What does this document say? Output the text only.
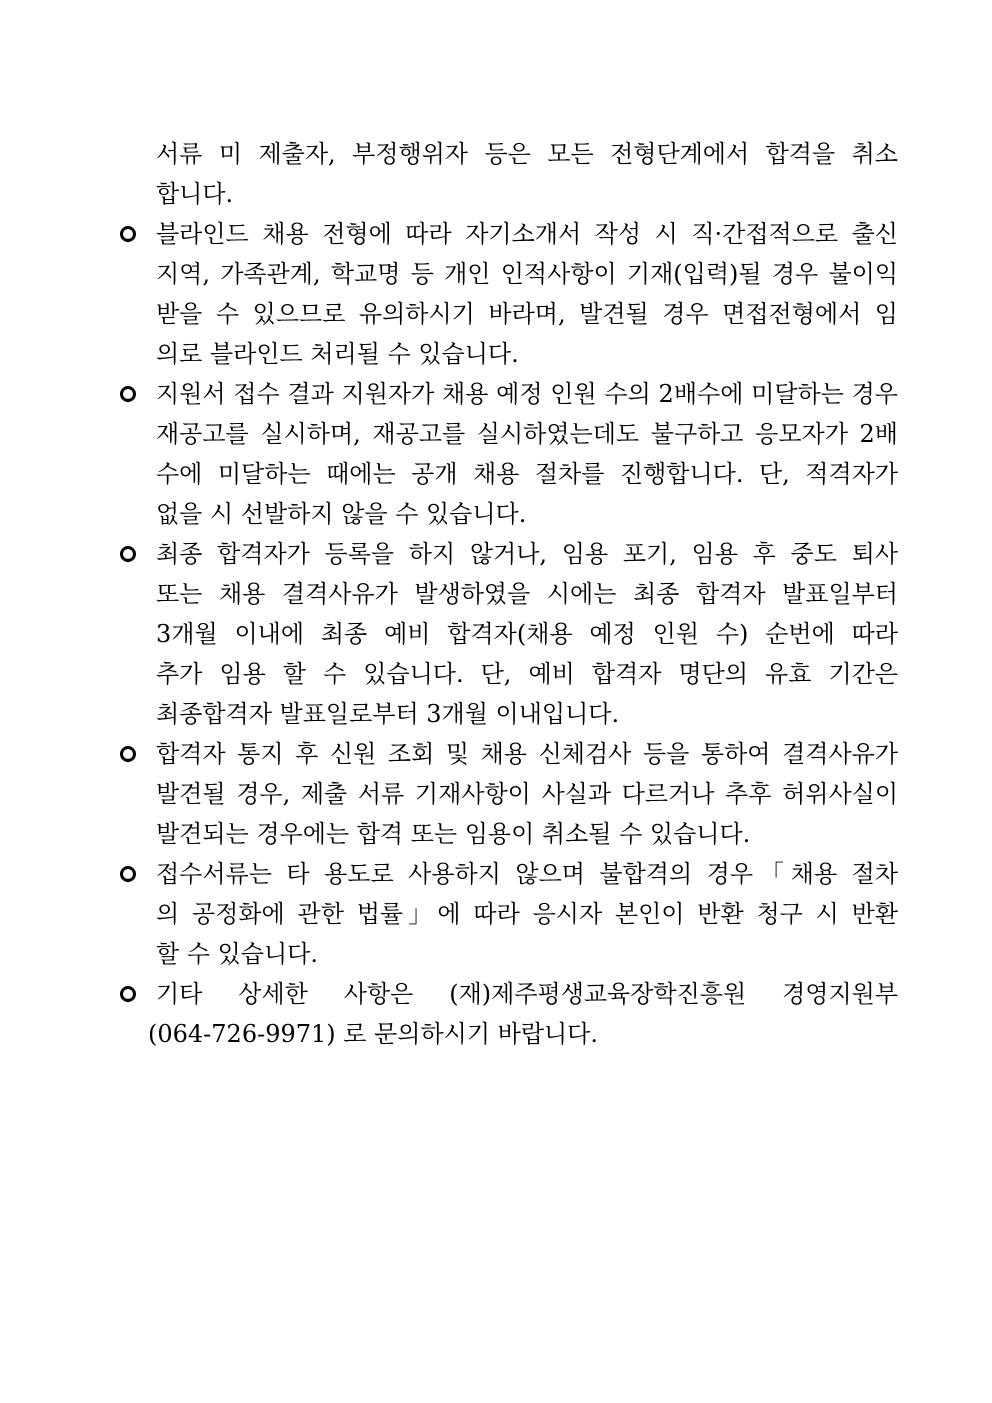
서류 미 제출자, 부정행위자 등은 모든 전형단계에서 합격을 취소
합니다.
블라인드 채용 전형에 따라 자기소개서 작성 시 직·간접적으로 출신
지역, 가족관계, 학교명 등 개인 인적사항이 기재(입력)될 경우 불이익
받을 수 있으므로 유의하시기 바라며, 발견될 경우 면접전형에서 임
의로 블라인드 처리될 수 있습니다.
지원서 접수 결과 지원자가 채용 예정 인원 수의 2배수에 미달하는 경우
재공고를 실시하며, 재공고를 실시하였는데도 불구하고 응모자가 2배
수에 미달하는 때에는 공개 채용 절차를 진행합니다. 단, 적격자가
없을 시 선발하지 않을 수 있습니다.
최종 합격자가 등록을 하지 않거나, 임용 포기, 임용 후 중도 퇴사
또는 채용 결격사유가 발생하였을 시에는 최종 합격자 발표일부터
3개월 이내에 최종 예비 합격자(채용 예정 인원 수) 순번에 따라
추가 임용 할 수 있습니다. 단, 예비 합격자 명단의 유효 기간은
최종합격자 발표일로부터 3개월 이내입니다.
합격자 통지 후 신원 조회 및 채용 신체검사 등을 통하여 결격사유가
발견될 경우, 제출 서류 기재사항이 사실과 다르거나 추후 허위사실이
발견되는 경우에는 합격 또는 임용이 취소될 수 있습니다.
접수서류는 타 용도로 사용하지 않으며 불합격의 경우「채용 절차
의 공정화에 관한 법률」에 따라 응시자 본인이 반환 청구 시 반환
할 수 있습니다.
기타 상세한 사항은 (재)제주평생교육장학진흥원 경영지원부
(064-726-9971) 로 문의하시기 바랍니다.
